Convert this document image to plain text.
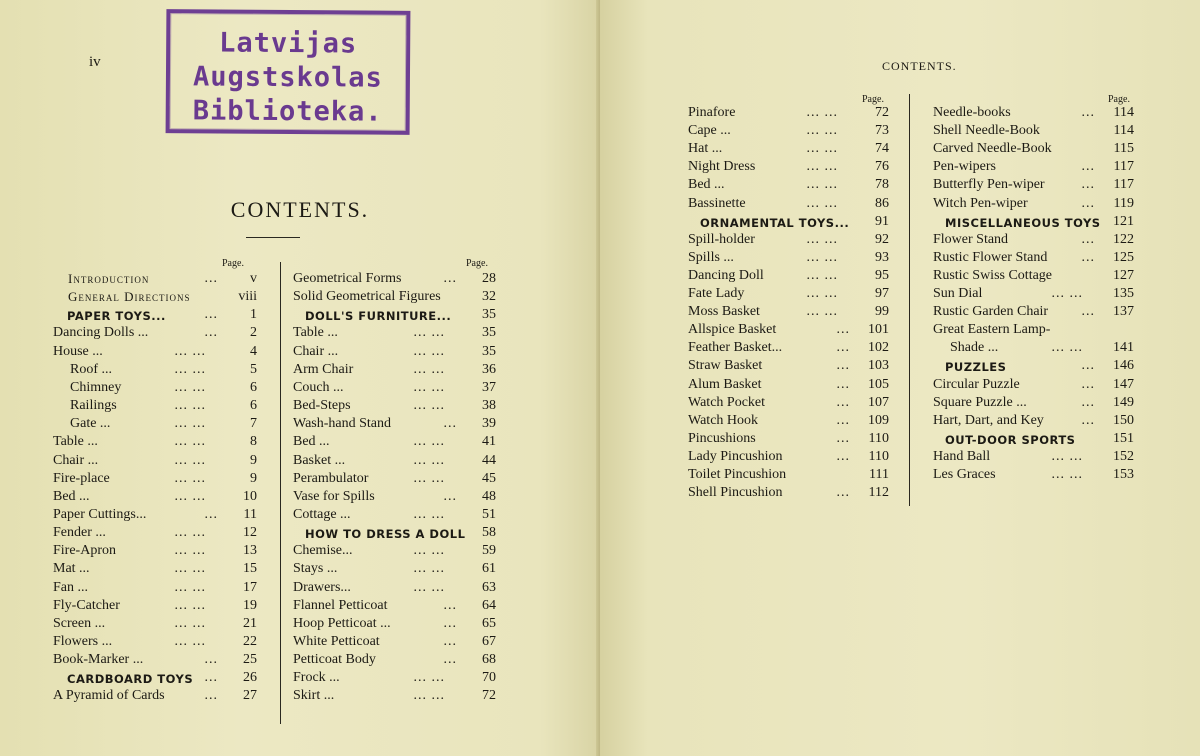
Latvijas
Augstskolas
Biblioteka.
CONTENTS.
Page.
Introduction	... v
General Directions	viii
PAPER TOYS...	... 1
Dancing Dolls ...	... 2
House ...	... ...	4
Roof ...	... ...	5
Chimney	... ...	6
Railings	... ...	6
Gate ...	... ...	7
Table ...	... ...	8
Chair ...	... ...	9
Fire-place	... ...	9
Bed ...	... ...	10
Paper Cuttings...	... 11
Fender ...	... ...	12
Fire-Apron	... ...	13
Mat ...	... ...	15
Fan ...	... ...	17
Fly-Catcher	... ...	19
Screen ...	... ...	21
Flowers ...	... ...	22
Book-Marker ...	... 25
CARDBOARD TOYS ... 26
A Pyramid of Cards	... 27
Page.
Geometrical Forms	... 28
Solid Geometrical Figures	32
DOLL'S FURNITURE... 35
Table ...	... ...	35
Chair ...	... ...	35
Arm Chair	... ...	36
Couch ...	... ...	37
Bed-Steps	... ...	38
Wash-hand Stand	... 39
Bed ...	... ...	41
Basket ...	... ...	44
Perambulator	... ...	45
Vase for Spills	... 48
Cottage ...	... ...	51
HOW TO DRESS A DOLL 58
Chemise...	... ...	59
Stays ...	... ...	61
Drawers...	... ...	63
Flannel Petticoat	... 64
Hoop Petticoat ...	... 65
White Petticoat	... 67
Petticoat Body	... 68
Frock ...	... ...	70
Skirt ...	... ...	72
iv	CONTENTS.
Page.
Pinafore	... ...	72
Cape ...	... ...	73
Hat ...	... ...	74
Night Dress	... ...	76
Bed ...	... ...	78
Bassinette	... ...	86
ORNAMENTAL TOYS... 91
Spill-holder	... ...	92
Spills ...	... ...	93
Dancing Doll	... ...	95
Fate Lady	... ...	97
Moss Basket	... ...	99
Allspice Basket	... 101
Feather Basket...	... 102
Straw Basket	... 103
Alum Basket	... 105
Watch Pocket	... 107
Watch Hook	... 109
Pincushions	... 110
Lady Pincushion	... 110
Toilet Pincushion	111
Shell Pincushion	... 112
Page.
Needle-books	... 114
Shell Needle-Book	114
Carved Needle-Book	115
Pen-wipers	... 117
Butterfly Pen-wiper	... 117
Witch Pen-wiper	... 119
MISCELLANEOUS TOYS 121
Flower Stand	... 122
Rustic Flower Stand ... 125
Rustic Swiss Cottage	127
Sun Dial	... ... 135
Rustic Garden Chair ... 137
Great Eastern Lamp-
Shade ...	... ... 141
PUZZLES	... 146
Circular Puzzle	... 147
Square Puzzle ...	... 149
Hart, Dart, and Key	... 150
OUT-DOOR SPORTS	151
Hand Ball	... ... 152
Les Graces	... ... 153
